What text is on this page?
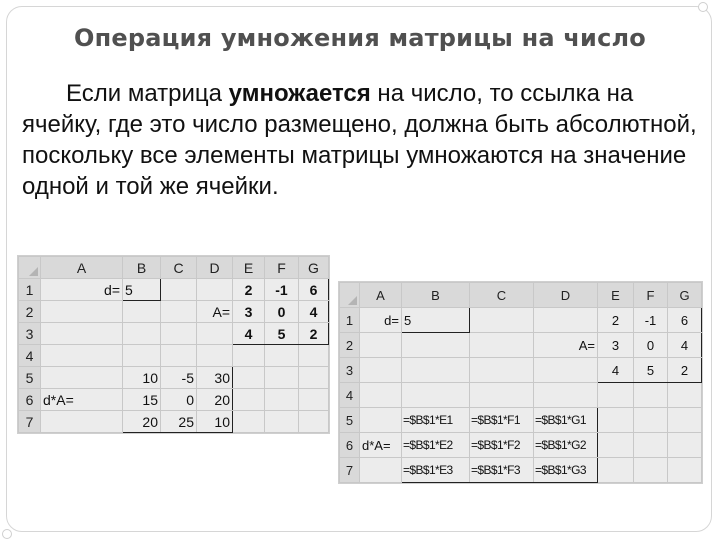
Операция умножения матрицы на число

Если матрица умножается на число, то ссылка на ячейку, где это число размещено, должна быть абсолютной, поскольку все элементы матрицы умножаются на значение одной и той же ячейки.

	A	B	C	D	E	F	G
1	d=	5			2	-1	6
2				A=	3	0	4
3					4	5	2
4							
5		10	-5	30			
6	d*A=	15	0	20			
7		20	25	10			
	A	B	C	D	E	F	G
1	d=	5			2	-1	6
2				A=	3	0	4
3					4	5	2
4							
5		=$B$1*E1	=$B$1*F1	=$B$1*G1			
6	d*A=	=$B$1*E2	=$B$1*F2	=$B$1*G2			
7		=$B$1*E3	=$B$1*F3	=$B$1*G3			
